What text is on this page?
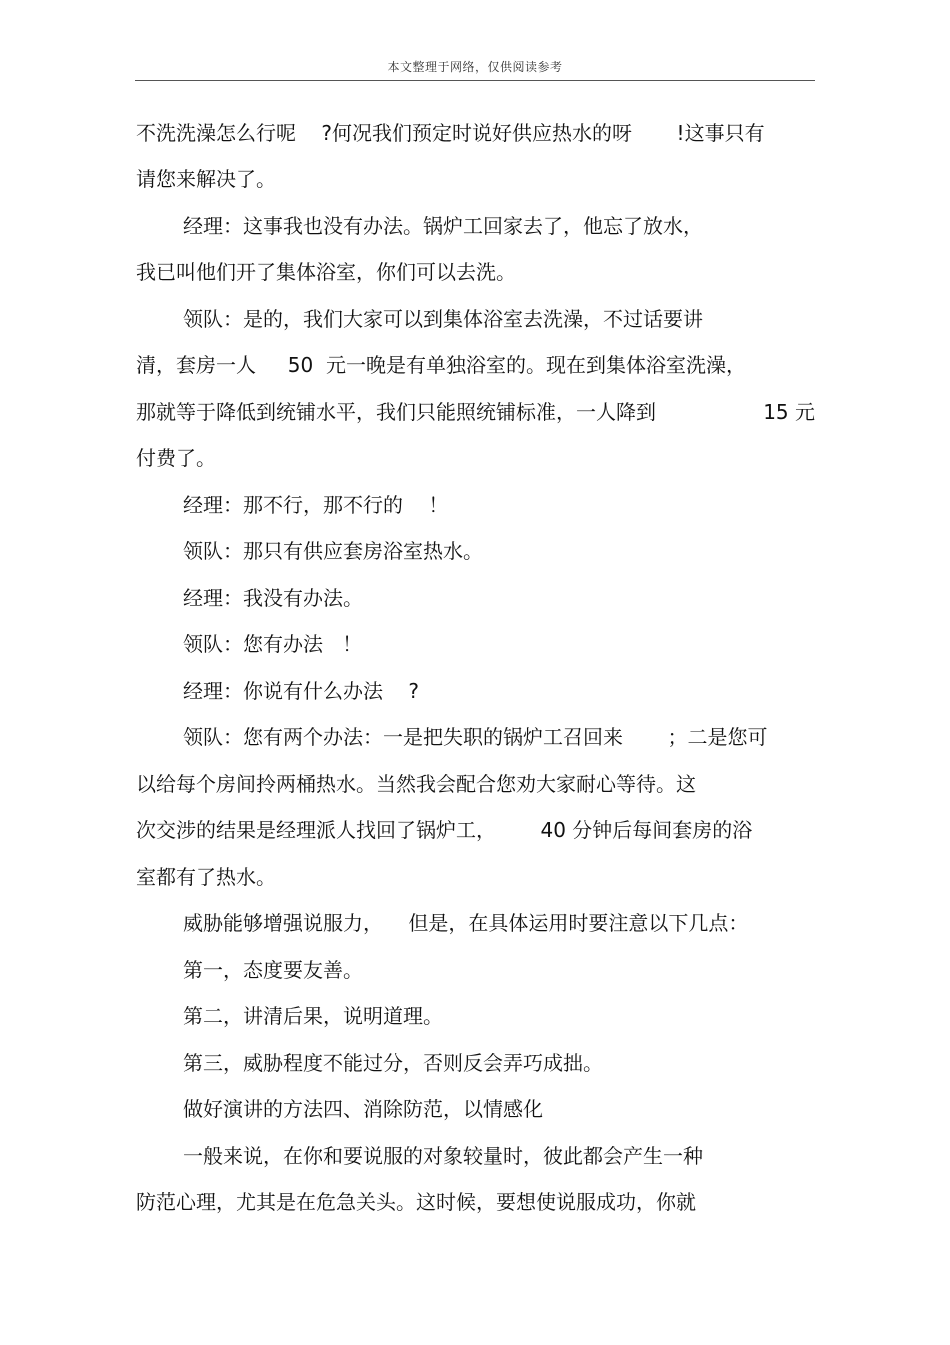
本文整理于网络，仅供阅读参考
不洗洗澡怎么行呢    ?何况我们预定时说好供应热水的呀       !这事只有
请您来解决了。
经理：这事我也没有办法。锅炉工回家去了，他忘了放水，
我已叫他们开了集体浴室，你们可以去洗。
领队：是的，我们大家可以到集体浴室去洗澡，不过话要讲
清，套房一人     50  元一晚是有单独浴室的。现在到集体浴室洗澡，
那就等于降低到统铺水平，我们只能照统铺标准，一人降到	15 元
付费了。
经理：那不行，那不行的    ！
领队：那只有供应套房浴室热水。
经理：我没有办法。
领队：您有办法   ！
经理：你说有什么办法    ?
领队：您有两个办法：一是把失职的锅炉工召回来       ；二是您可
以给每个房间拎两桶热水。当然我会配合您劝大家耐心等待。这
次交涉的结果是经理派人找回了锅炉工，       40 分钟后每间套房的浴
室都有了热水。
威胁能够增强说服力，    但是，在具体运用时要注意以下几点：
第一，态度要友善。
第二，讲清后果，说明道理。
第三，威胁程度不能过分，否则反会弄巧成拙。
做好演讲的方法四、消除防范，以情感化
一般来说，在你和要说服的对象较量时，彼此都会产生一种
防范心理，尤其是在危急关头。这时候，要想使说服成功，你就
